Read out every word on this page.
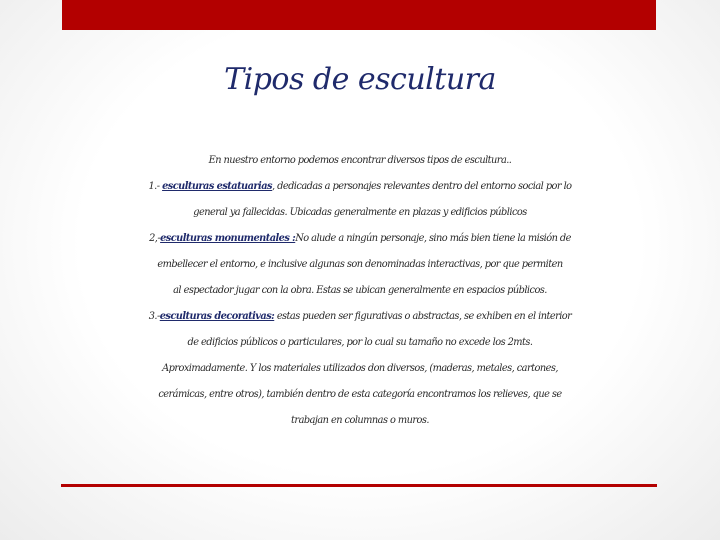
Tipos de escultura
En nuestro entorno podemos encontrar diversos tipos de escultura..
1.- esculturas estatuarias, dedicadas a personajes relevantes dentro del entorno social por lo
general ya fallecidas. Ubicadas generalmente en plazas y edificios públicos
2,-esculturas monumentales :No alude a ningún personaje, sino más bien tiene la misión de
embellecer el entorno, e inclusive algunas son denominadas interactivas, por que permiten
al espectador jugar con la obra. Estas se ubican generalmente en espacios públicos.
3.-esculturas decorativas: estas pueden ser figurativas o abstractas, se exhiben en el interior
de edificios públicos o particulares, por lo cual su tamaño no excede los 2mts.
Aproximadamente. Y los materiales utilizados don diversos, (maderas, metales, cartones,
cerámicas, entre otros), también dentro de esta categoría encontramos los relieves, que se
trabajan en columnas o muros.
